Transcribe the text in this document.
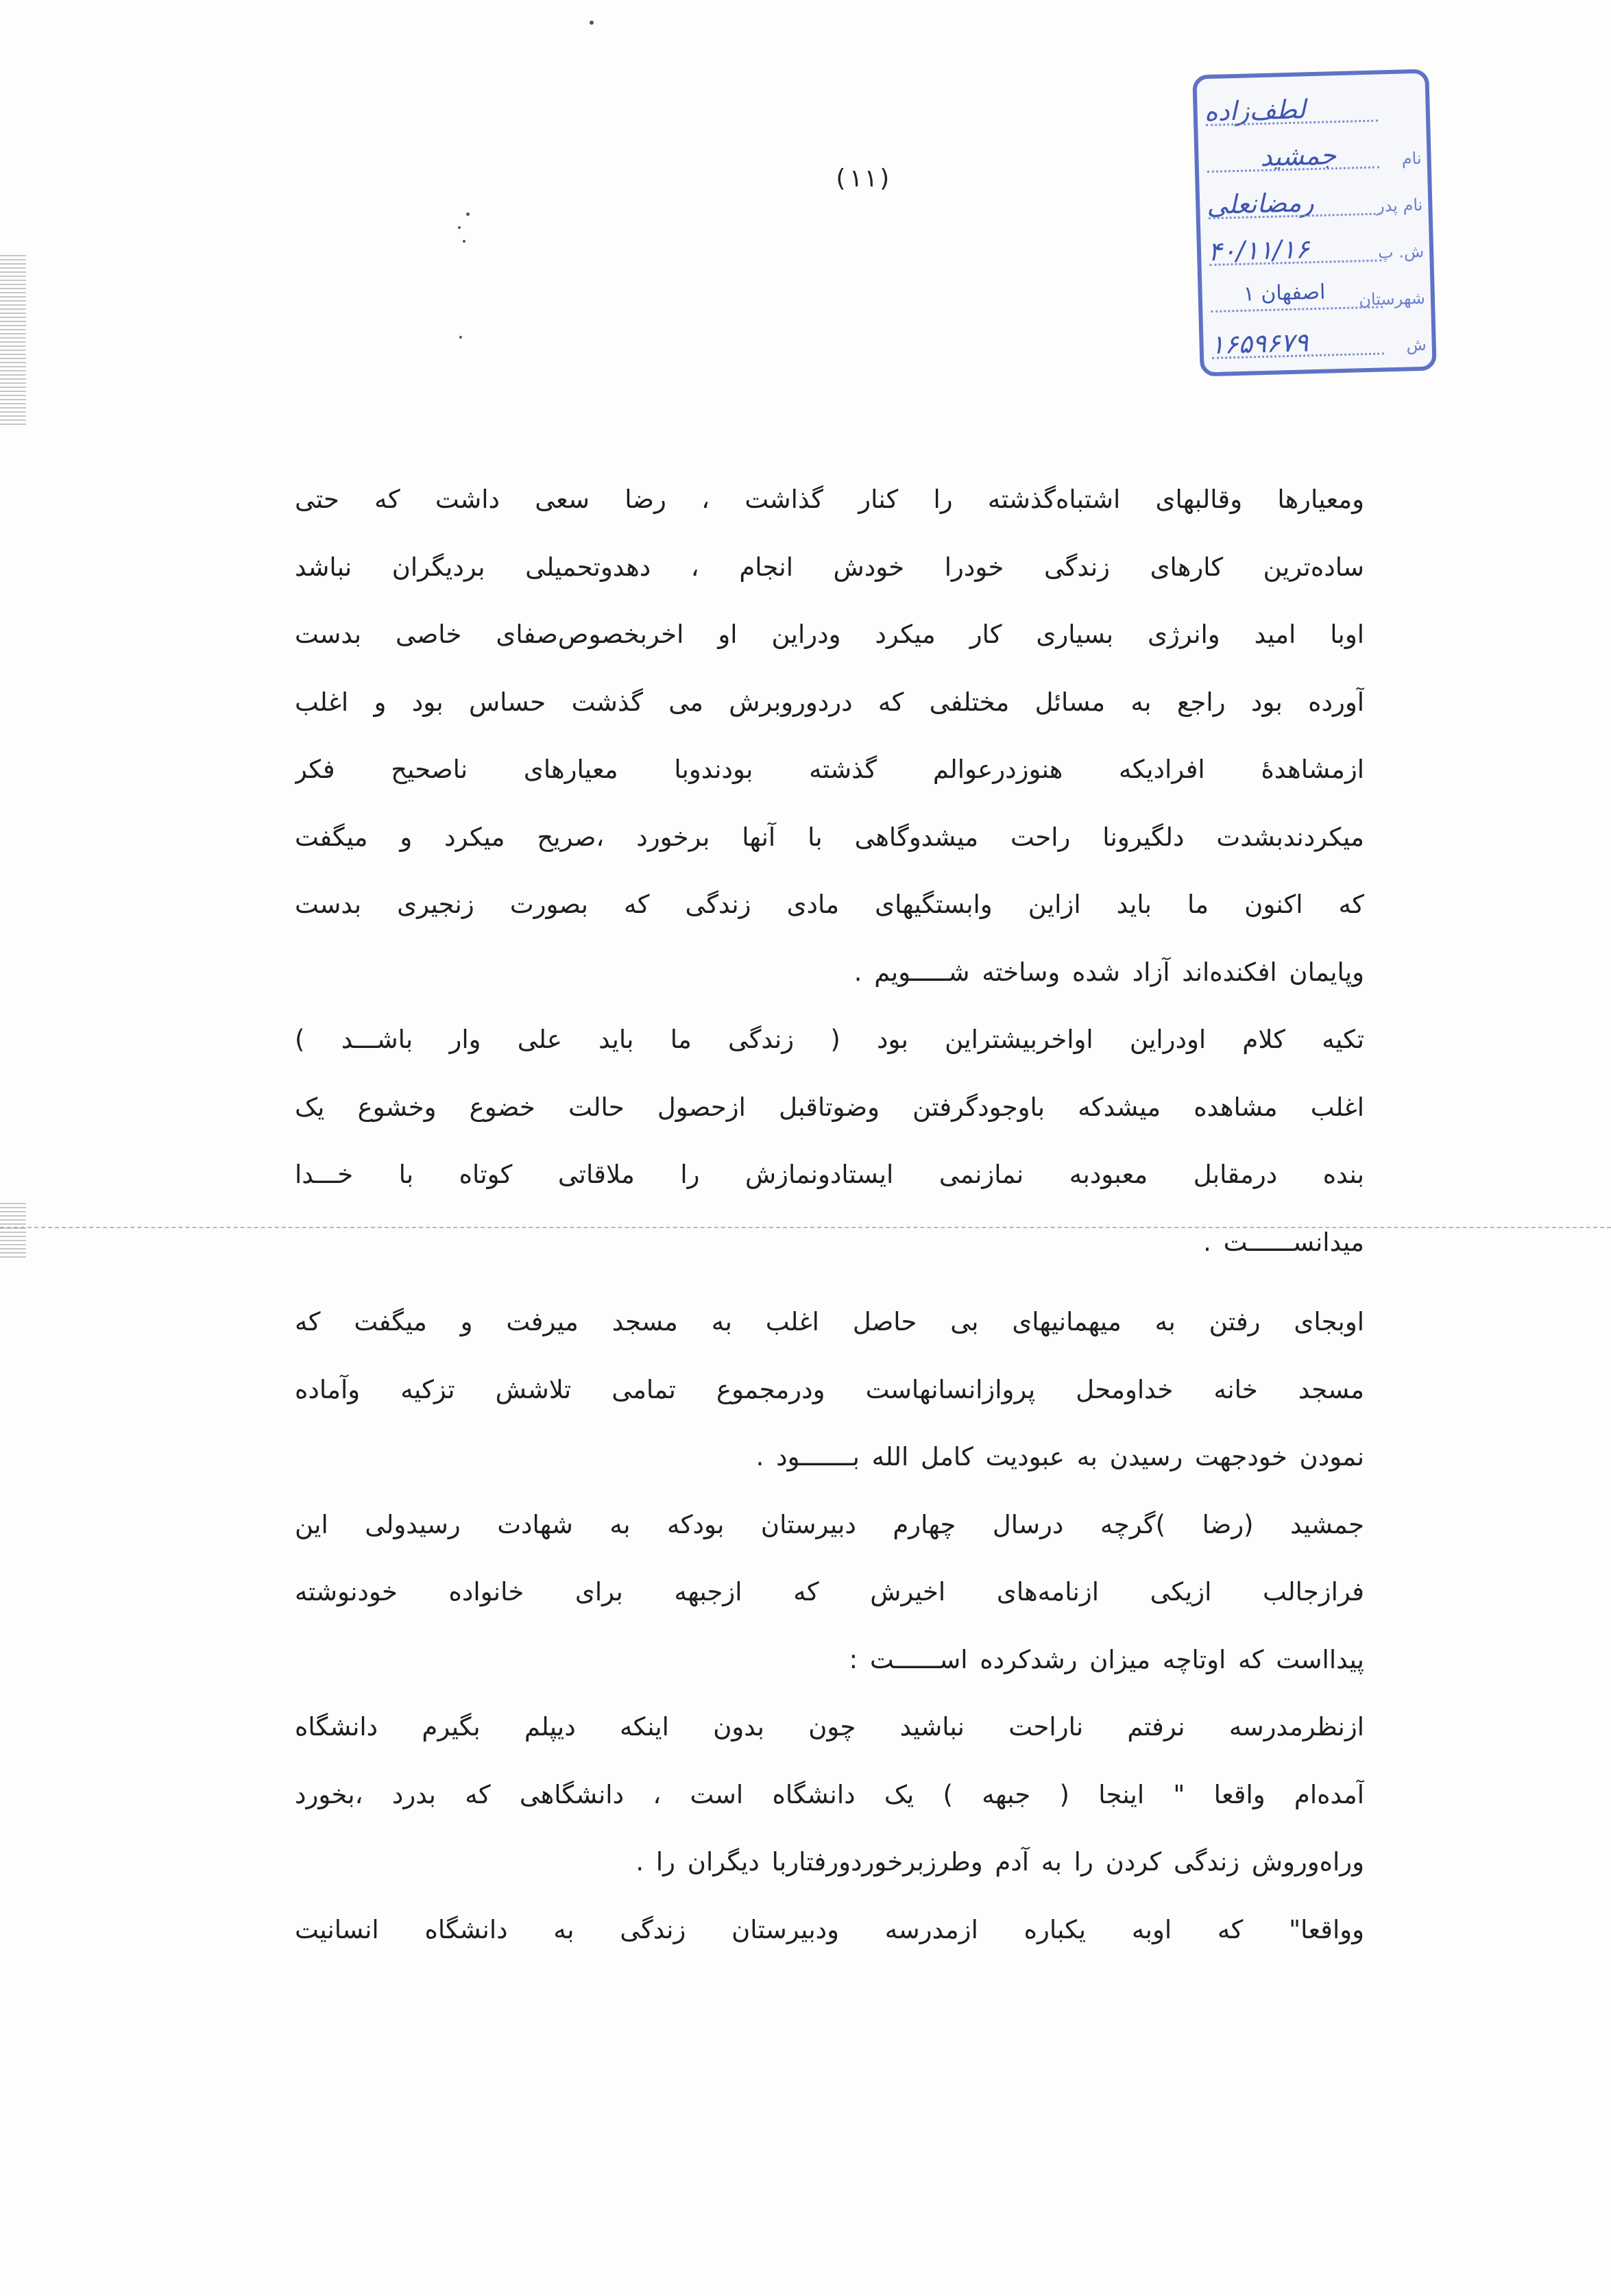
(۱۱)
لطف‌زاده
نام
جمشید
نام پدر
رمضانعلی
ش. پ
۴۰/۱۱/۱۶
شهرستان
اصفهان ۱
ش
۱۶۵۹۶۷۹
ومعیارها وقالبهای اشتباه‌گذشته را کنار گذاشت ، رضا سعی داشت که حتی
ساده‌ترین کارهای زندگی خودرا خودش انجام ، دهدوتحمیلی بردیگران نباشد
اوبا امید وانرژی بسیاری کار میکرد ودراین او اخربخصوص‌صفای خاصی بدست
آورده بود راجع به مسائل مختلفی که دردوروبرش می گذشت حساس بود و اغلب
ازمشاهدهٔ افرادیکه هنوزدرعوالم گذشته بودندوبا معیارهای ناصحیح فکر
میکردندبشدت دلگیرونا راحت میشدوگاهی با آنها برخورد ،صریح میکرد و میگفت
که اکنون ما باید ازاین وابستگیهای مادی زندگی که بصورت زنجیری بدست
وپایمان افکنده‌اند آزاد شده وساخته شـــــویم .
تکیه کلام اودراین اواخربیشتراین بود ( زندگی ما باید علی وار باشـــد )
اغلب مشاهده میشدکه باوجودگرفتن وضوتاقبل ازحصول حالت خضوع وخشوع یک
بنده درمقابل معبودبه نمازنمی ایستادونمازش را ملاقاتی کوتاه با خـــدا
میدانســــــت .
اوبجای رفتن به میهمانیهای بی حاصل اغلب به مسجد میرفت و میگفت که
مسجد خانه خداومحل پروازانسانهاست ودرمجموع تمامی تلاشش تزکیه وآماده
نمودن خودجهت رسیدن به عبودیت کامل الله بـــــــود .
جمشید (رضا )گرچه درسال چهارم دبیرستان بودکه به شهادت رسیدولی این
فرازجالب ازیکی ازنامه‌های اخیرش که ازجبهه برای خانواده خودنوشته
پیدااست که اوتاچه میزان رشدکرده اســــــت :
ازنظرمدرسه نرفتم ناراحت نباشید چون بدون اینکه دیپلم بگیرم دانشگاه
آمده‌ام واقعا " اینجا ( جبهه ) یک دانشگاه است ، دانشگاهی که بدرد ،بخورد
وراه‌وروش زندگی کردن را به آدم وطرزبرخوردورفتاربا دیگران را .
وواقعا" که اوبه یکباره ازمدرسه ودبیرستان زندگی به دانشگاه انسانیت
